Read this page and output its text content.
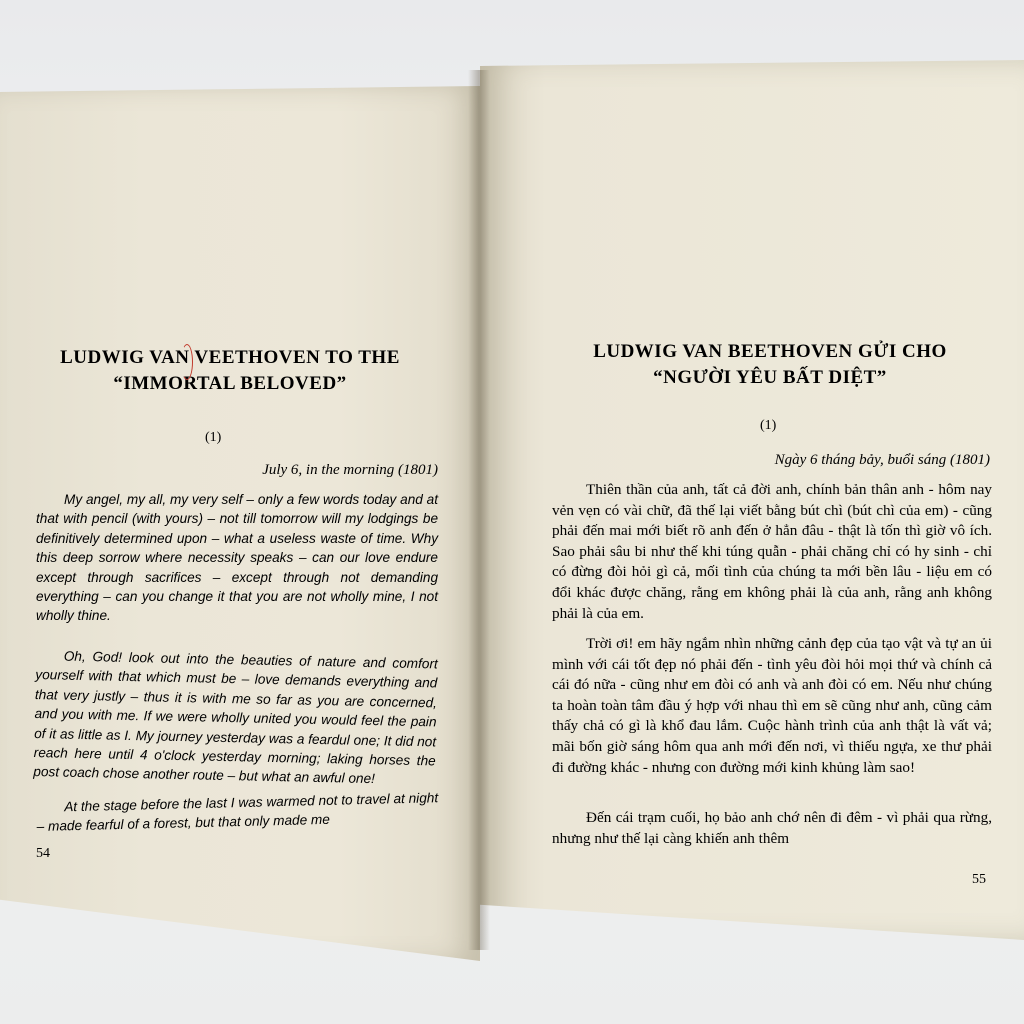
LUDWIG VAN VEETHOVEN TO THE
“IMMORTAL BELOVED”
(1)
July 6, in the morning (1801)

My angel, my all, my very self – only a few words today and at that with pencil (with yours) – not till tomorrow will my lodgings be definitively determined upon – what a useless waste of time. Why this deep sorrow where necessity speaks – can our love endure except through sacrifices – except through not demanding everything – can you change it that you are not wholly mine, I not wholly thine.

Oh, God! look out into the beauties of nature and comfort yourself with that which must be – love demands everything and that very justly – thus it is with me so far as you are concerned, and you with me. If we were wholly united you would feel the pain of it as little as I. My journey yesterday was a feardul one; It did not reach here until 4 o'clock yesterday morning; laking horses the post coach chose another route – but what an awful one!

At the stage before the last I was warmed not to travel at night – made fearful of a forest, but that only made me

54
LUDWIG VAN BEETHOVEN GỬI CHO
“NGƯỜI YÊU BẤT DIỆT”
(1)
Ngày 6 tháng bảy, buổi sáng (1801)

Thiên thần của anh, tất cả đời anh, chính bản thân anh - hôm nay vẻn vẹn có vài chữ, đã thế lại viết bằng bút chì (bút chì của em) - cũng phải đến mai mới biết rõ anh đến ở hẳn đâu - thật là tốn thì giờ vô ích. Sao phải sâu bi như thế khi túng quẫn - phải chăng chỉ có hy sinh - chỉ có đừng đòi hỏi gì cả, mối tình của chúng ta mới bền lâu - liệu em có đổi khác được chăng, rằng em không phải là của anh, rằng anh không phải là của em.

Trời ơi! em hãy ngắm nhìn những cảnh đẹp của tạo vật và tự an ủi mình với cái tốt đẹp nó phải đến - tình yêu đòi hỏi mọi thứ và chính cả cái đó nữa - cũng như em đòi có anh và anh đòi có em. Nếu như chúng ta hoàn toàn tâm đầu ý hợp với nhau thì em sẽ cũng như anh, cũng cảm thấy chả có gì là khổ đau lắm. Cuộc hành trình của anh thật là vất vả; mãi bốn giờ sáng hôm qua anh mới đến nơi, vì thiếu ngựa, xe thư phải đi đường khác - nhưng con đường mới kinh khủng làm sao!

Đến cái trạm cuối, họ bảo anh chớ nên đi đêm - vì phải qua rừng, nhưng như thế lại càng khiến anh thêm

55
